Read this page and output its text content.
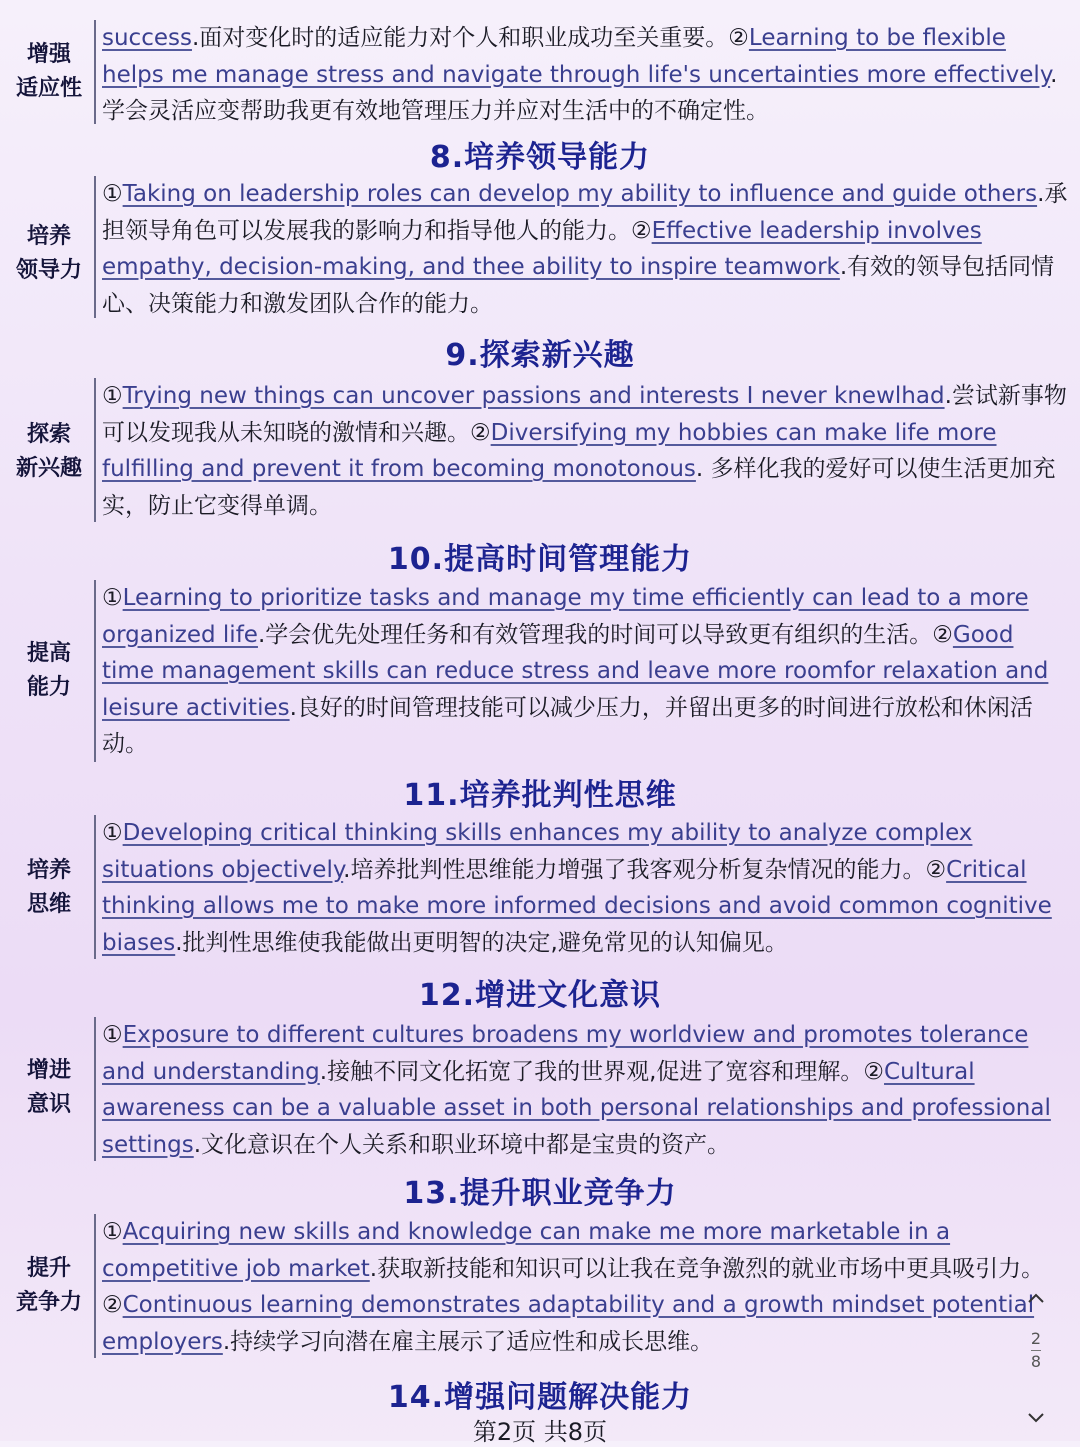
增强
适应性
success.面对变化时的适应能力对个人和职业成功至关重要。②Learning to be flexible helps me manage stress and navigate through life's uncertainties more effectively.学会灵活应变帮助我更有效地管理压力并应对生活中的不确定性。
8.培养领导能力
培养
领导力
①Taking on leadership roles can develop my ability to influence and guide others.承担领导角色可以发展我的影响力和指导他人的能力。②Effective leadership involves empathy, decision-making, and thee ability to inspire teamwork.有效的领导包括同情心、决策能力和激发团队合作的能力。
9.探索新兴趣
探索
新兴趣
①Trying new things can uncover passions and interests I never knewlhad.尝试新事物可以发现我从未知晓的激情和兴趣。②Diversifying my hobbies can make life more fulfilling and prevent it from becoming monotonous. 多样化我的爱好可以使生活更加充实，防止它变得单调。
10.提高时间管理能力
提高
能力
①Learning to prioritize tasks and manage my time efficiently can lead to a more organized life.学会优先处理任务和有效管理我的时间可以导致更有组织的生活。②Good time management skills can reduce stress and leave more roomfor relaxation and leisure activities.良好的时间管理技能可以减少压力，并留出更多的时间进行放松和休闲活动。
11.培养批判性思维
培养
思维
①Developing critical thinking skills enhances my ability to analyze complex situations objectively.培养批判性思维能力增强了我客观分析复杂情况的能力。②Critical thinking allows me to make more informed decisions and avoid common cognitive biases.批判性思维使我能做出更明智的决定,避免常见的认知偏见。
12.增进文化意识
增进
意识
①Exposure to different cultures broadens my worldview and promotes tolerance and understanding.接触不同文化拓宽了我的世界观,促进了宽容和理解。②Cultural awareness can be a valuable asset in both personal relationships and professional settings.文化意识在个人关系和职业环境中都是宝贵的资产。
13.提升职业竞争力
提升
竞争力
①Acquiring new skills and knowledge can make me more marketable in a competitive job market.获取新技能和知识可以让我在竞争激烈的就业市场中更具吸引力。②Continuous learning demonstrates adaptability and a growth mindset potential employers.持续学习向潜在雇主展示了适应性和成长思维。
14.增强问题解决能力
第2页 共8页
2
8
